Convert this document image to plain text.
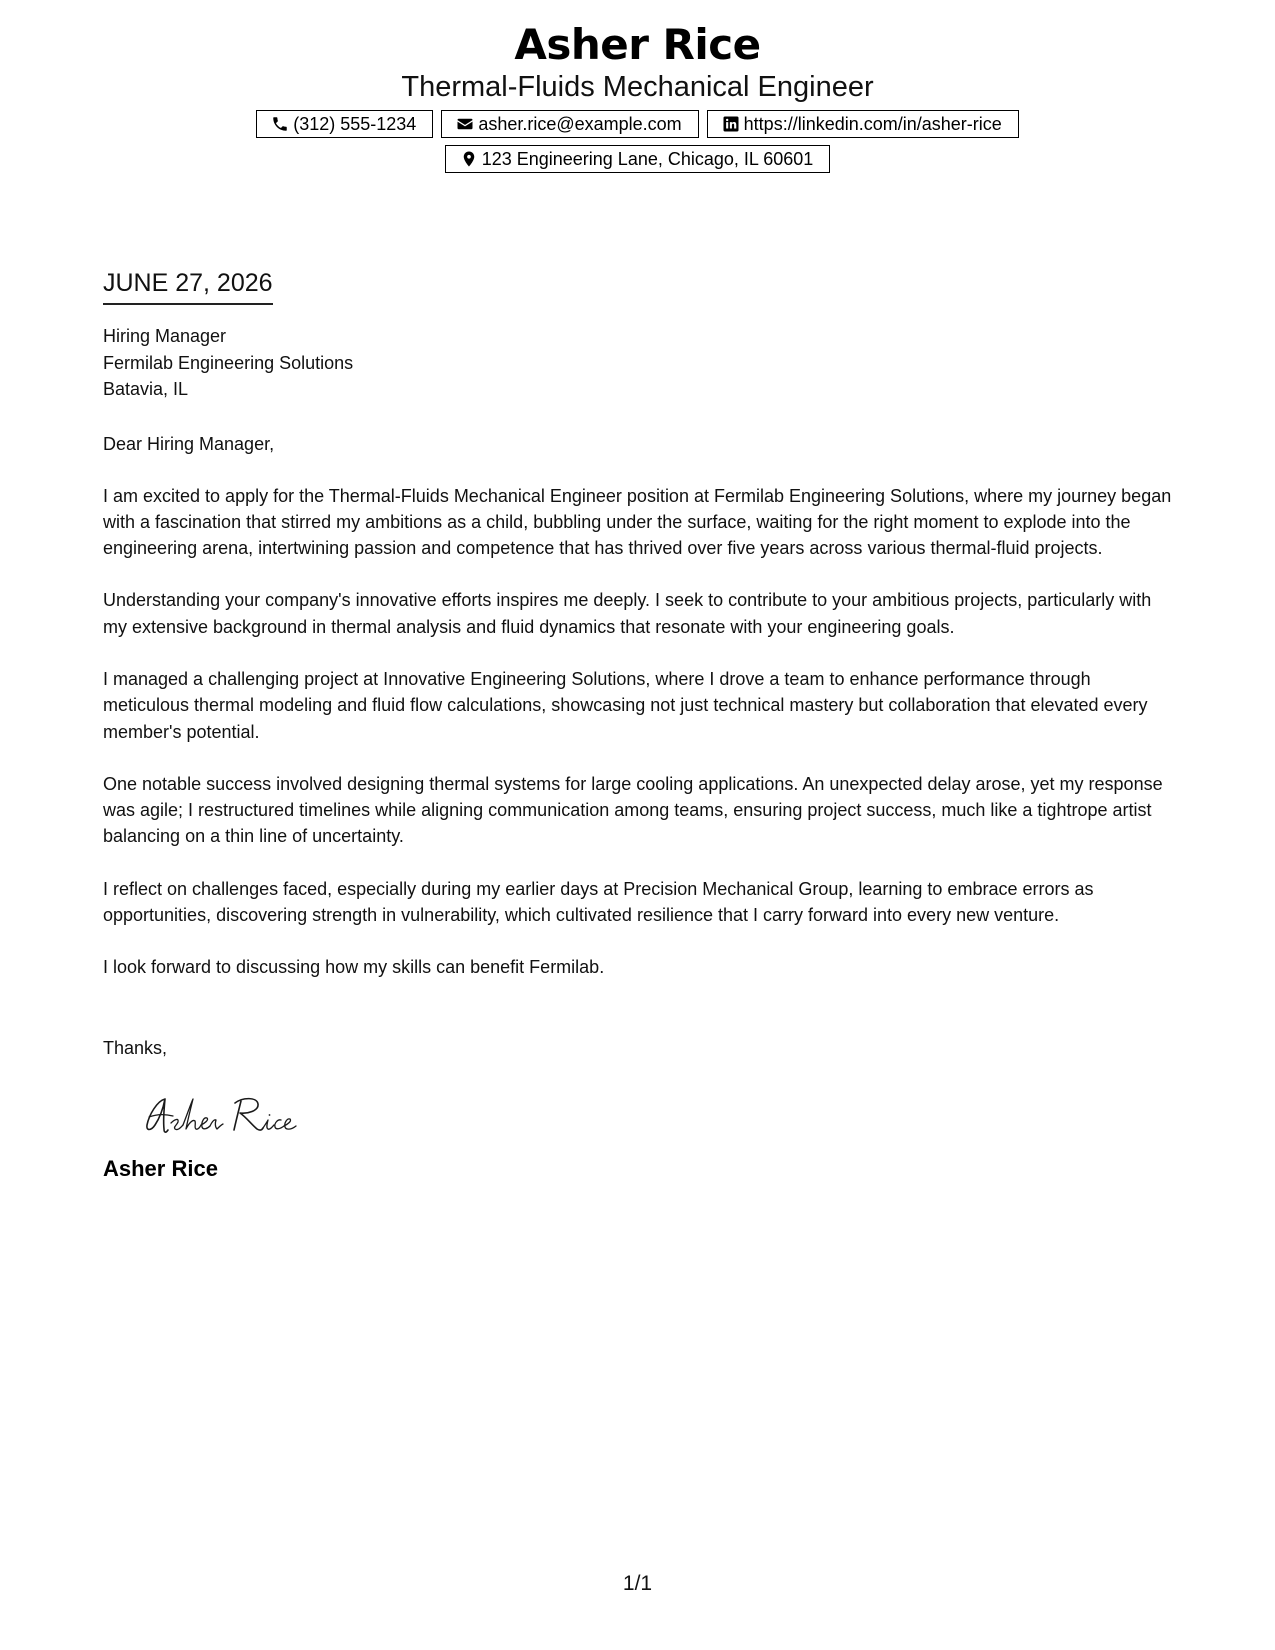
Asher Rice
Thermal-Fluids Mechanical Engineer
(312) 555-1234	asher.rice@example.com	https://linkedin.com/in/asher-rice
123 Engineering Lane, Chicago, IL 60601
JUNE 27, 2026
Hiring Manager
Fermilab Engineering Solutions
Batavia, IL
Dear Hiring Manager,
I am excited to apply for the Thermal-Fluids Mechanical Engineer position at Fermilab Engineering Solutions, where my journey began with a fascination that stirred my ambitions as a child, bubbling under the surface, waiting for the right moment to explode into the engineering arena, intertwining passion and competence that has thrived over five years across various thermal-fluid projects.
Understanding your company's innovative efforts inspires me deeply. I seek to contribute to your ambitious projects, particularly with my extensive background in thermal analysis and fluid dynamics that resonate with your engineering goals.
I managed a challenging project at Innovative Engineering Solutions, where I drove a team to enhance performance through meticulous thermal modeling and fluid flow calculations, showcasing not just technical mastery but collaboration that elevated every member's potential.
One notable success involved designing thermal systems for large cooling applications. An unexpected delay arose, yet my response was agile; I restructured timelines while aligning communication among teams, ensuring project success, much like a tightrope artist balancing on a thin line of uncertainty.
I reflect on challenges faced, especially during my earlier days at Precision Mechanical Group, learning to embrace errors as opportunities, discovering strength in vulnerability, which cultivated resilience that I carry forward into every new venture.
I look forward to discussing how my skills can benefit Fermilab.
Thanks,
Asher Rice
1/1
